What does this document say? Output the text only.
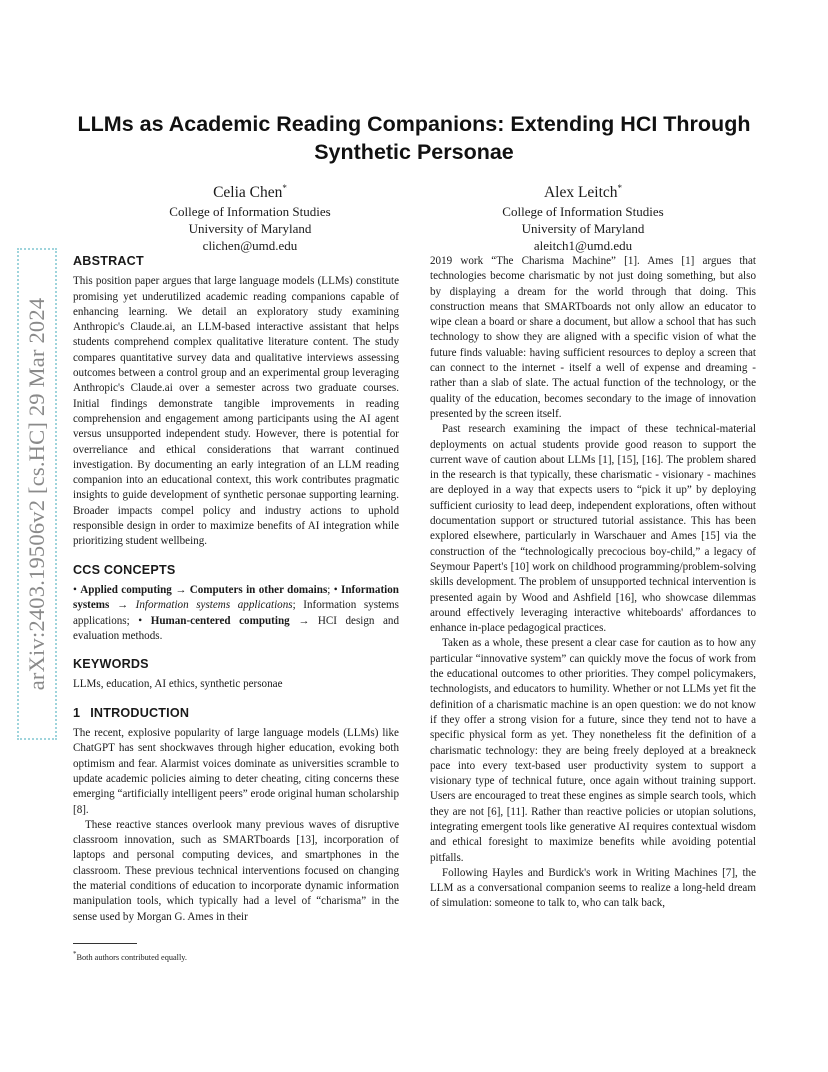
arXiv:2403.19506v2 [cs.HC] 29 Mar 2024
LLMs as Academic Reading Companions: Extending HCI Through Synthetic Personae
Celia Chen*
College of Information Studies
University of Maryland
clichen@umd.edu
Alex Leitch*
College of Information Studies
University of Maryland
aleitch1@umd.edu
ABSTRACT

This position paper argues that large language models (LLMs) constitute promising yet underutilized academic reading companions capable of enhancing learning. We detail an exploratory study examining Anthropic's Claude.ai, an LLM-based interactive assistant that helps students comprehend complex qualitative literature content. The study compares quantitative survey data and qualitative interviews assessing outcomes between a control group and an experimental group leveraging Anthropic's Claude.ai over a semester across two graduate courses. Initial findings demonstrate tangible improvements in reading comprehension and engagement among participants using the AI agent versus unsupported independent study. However, there is potential for overreliance and ethical considerations that warrant continued investigation. By documenting an early integration of an LLM reading companion into an educational context, this work contributes pragmatic insights to guide development of synthetic personae supporting learning. Broader impacts compel policy and industry actions to uphold responsible design in order to maximize benefits of AI integration while prioritizing student wellbeing.

CCS CONCEPTS

• Applied computing → Computers in other domains; • Information systems → Information systems applications; Information systems applications; • Human-centered computing → HCI design and evaluation methods.

KEYWORDS

LLMs, education, AI ethics, synthetic personae

1 INTRODUCTION

The recent, explosive popularity of large language models (LLMs) like ChatGPT has sent shockwaves through higher education, evoking both optimism and fear. Alarmist voices dominate as universities scramble to update academic policies aiming to deter cheating, citing concerns these emerging “artificially intelligent peers” erode original human scholarship [8].

These reactive stances overlook many previous waves of disruptive classroom innovation, such as SMARTboards [13], incorporation of laptops and personal computing devices, and smartphones in the classroom. These previous technical interventions focused on changing the material conditions of education to incorporate dynamic information manipulation tools, which typically had a level of “charisma” in the sense used by Morgan G. Ames in their

2019 work “The Charisma Machine” [1]. Ames [1] argues that technologies become charismatic by not just doing something, but also by displaying a dream for the world through that doing. This construction means that SMARTboards not only allow an educator to wipe clean a board or share a document, but allow a school that has such technology to show they are aligned with a specific vision of what the future finds valuable: having sufficient resources to deploy a screen that can connect to the internet - itself a well of expense and dreaming - rather than a slab of slate. The actual function of the technology, or the quality of the education, becomes secondary to the image of innovation presented by the screen itself.

Past research examining the impact of these technical-material deployments on actual students provide good reason to support the current wave of caution about LLMs [1], [15], [16]. The problem shared in the research is that typically, these charismatic - visionary - machines are deployed in a way that expects users to “pick it up” by deploying sufficient curiosity to lead deep, independent explorations, often without documentation support or structured tutorial assistance. This has been explored elsewhere, particularly in Warschauer and Ames [15] via the construction of the “technologically precocious boy-child,” a legacy of Seymour Papert's [10] work on childhood programming/problem-solving skills development. The problem of unsupported technical intervention is presented again by Wood and Ashfield [16], who showcase dilemmas around effectively leveraging interactive whiteboards' affordances to enhance in-place pedagogical practices.

Taken as a whole, these present a clear case for caution as to how any particular “innovative system” can quickly move the focus of work from the educational outcomes to other priorities. They compel policymakers, technologists, and educators to humility. Whether or not LLMs yet fit the definition of a charismatic machine is an open question: we do not know if they offer a strong vision for a future, since they tend not to have a specific physical form as yet. They nonetheless fit the definition of a charismatic technology: they are being freely deployed at a breakneck pace into every text-based user productivity system to support a visionary type of technical future, once again without training support. Users are encouraged to treat these engines as simple search tools, which they are not [6], [11]. Rather than reactive policies or utopian solutions, integrating emergent tools like generative AI requires contextual wisdom and ethical foresight to maximize benefits while avoiding potential pitfalls.

Following Hayles and Burdick's work in Writing Machines [7], the LLM as a conversational companion seems to realize a long-held dream of simulation: someone to talk to, who can talk back,

*Both authors contributed equally.
